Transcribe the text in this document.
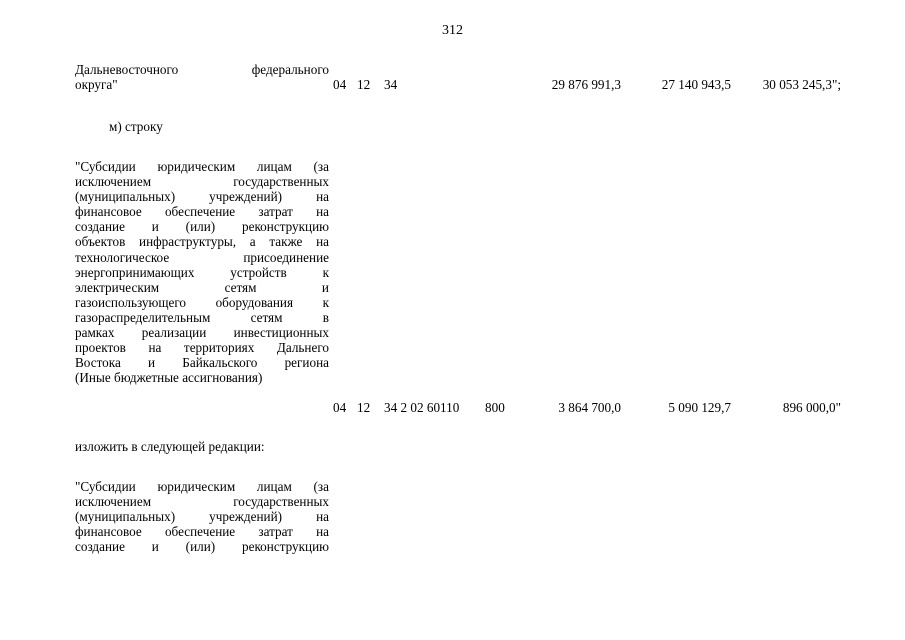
312
Дальневосточного федерального
округа"	04 12 34	29 876 991,3	27 140 943,5	30 053 245,3";
м) строку
"Субсидии юридическим лицам (за
исключением государственных
(муниципальных) учреждений) на
финансовое обеспечение затрат на
создание и (или) реконструкцию
объектов инфраструктуры, а также на
технологическое присоединение
энергопринимающих устройств к
электрическим сетям и
газоиспользующего оборудования к
газораспределительным сетям в
рамках реализации инвестиционных
проектов на территориях Дальнего
Востока и Байкальского региона
(Иные бюджетные ассигнования)
04 12 34 2 02 60110 800	3 864 700,0	5 090 129,7	896 000,0"
изложить в следующей редакции:
"Субсидии юридическим лицам (за
исключением государственных
(муниципальных) учреждений) на
финансовое обеспечение затрат на
создание и (или) реконструкцию
